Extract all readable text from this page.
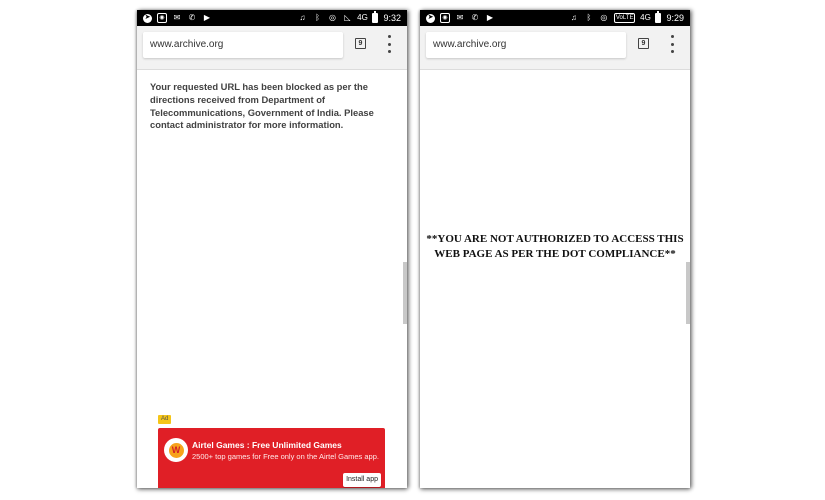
➤	◉ ✉ ✆ ▶	♫	ᛒ	◎ ◺ 4G 9:32
www.archive.org	9
Your requested URL has been blocked as per the directions received from Department of Telecommunications, Government of India. Please contact administrator for more information.
Ad
W	Airtel Games : Free Unlimited Games
2500+ top games for Free only on the Airtel Games app.
Install app
➤	◉ ✉ ✆ ▶	♫	ᛒ	◎	VoLTE 4G 9:29
www.archive.org	9
**YOU ARE NOT AUTHORIZED TO ACCESS THIS
WEB PAGE AS PER THE DOT COMPLIANCE**
